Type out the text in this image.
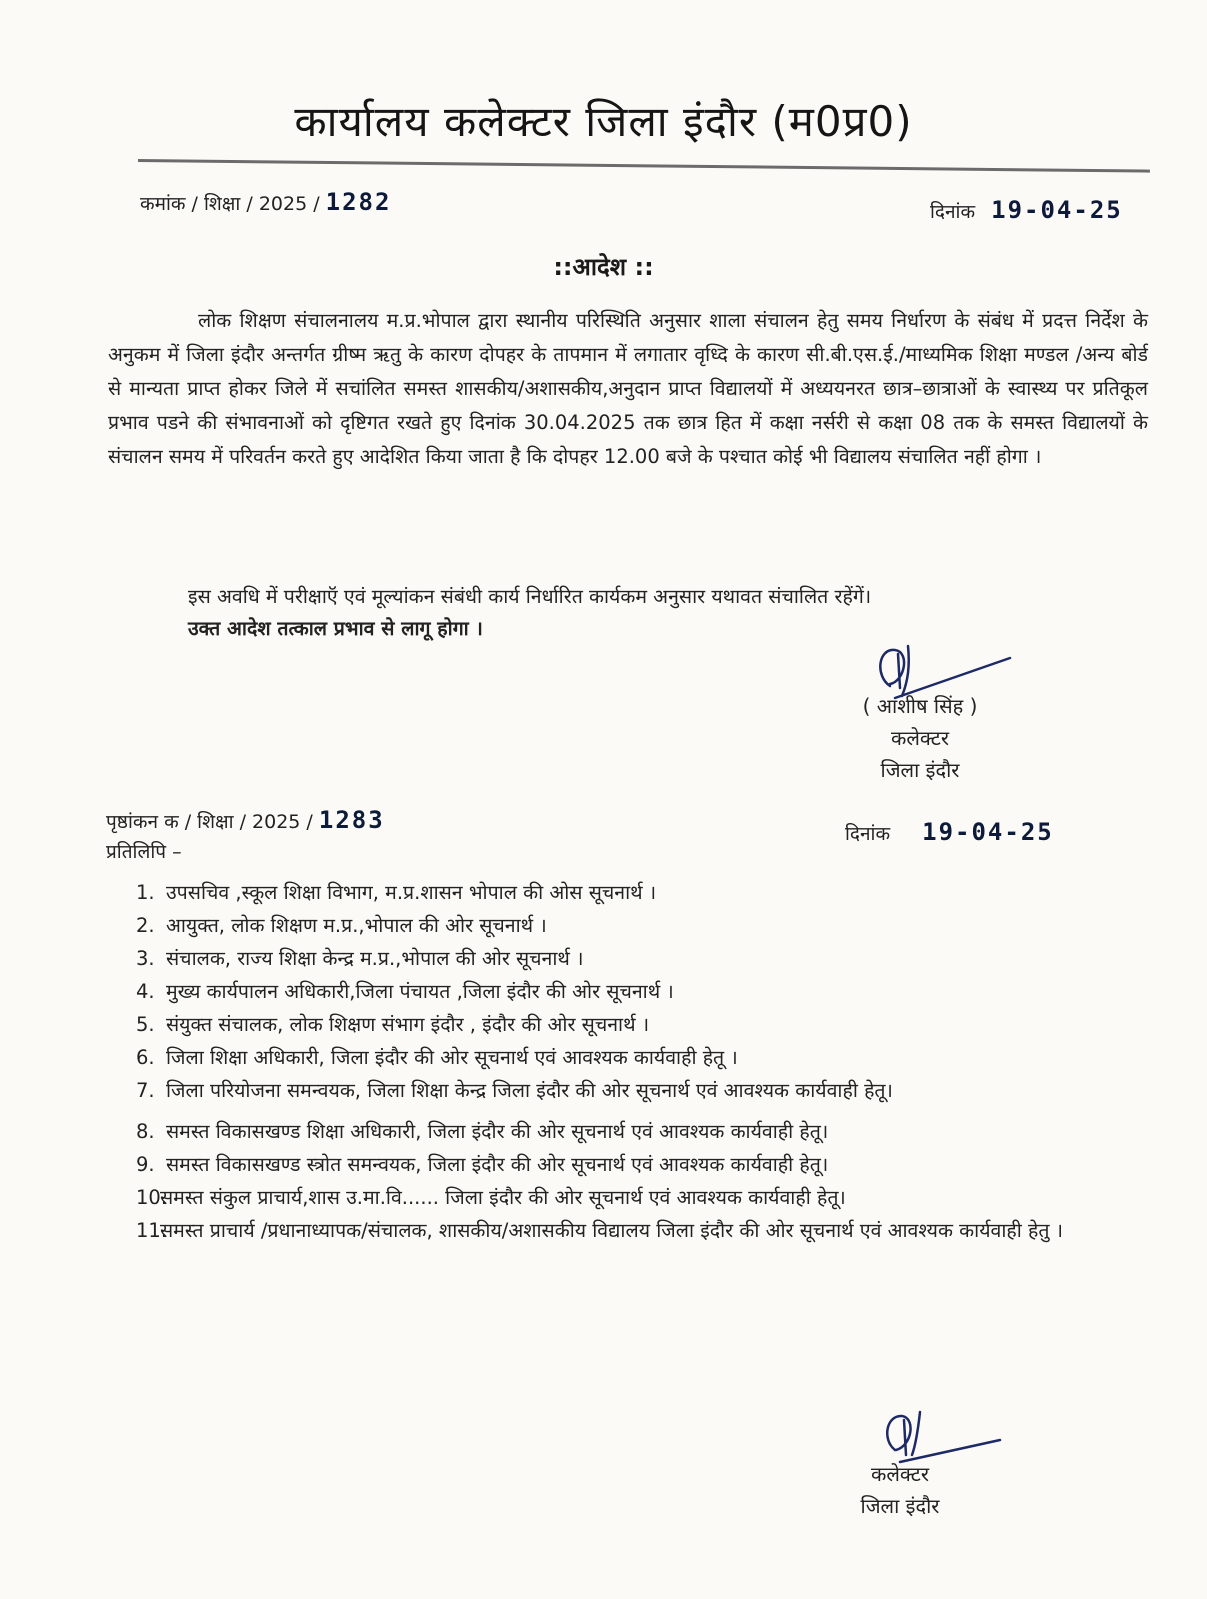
कार्यालय कलेक्टर जिला इंदौर (म0प्र0)
कमांक / शिक्षा / 2025 / 1282	दिनांक 19-04-25
::आदेश ::
लोक शिक्षण संचालनालय म.प्र.भोपाल द्वारा स्थानीय परिस्थिति अनुसार शाला संचालन हेतु समय निर्धारण के संबंध में प्रदत्त निर्देश के अनुकम में जिला इंदौर अन्तर्गत ग्रीष्म ऋतु के कारण दोपहर के तापमान में लगातार वृध्दि के कारण सी.बी.एस.ई./माध्यमिक शिक्षा मण्डल /अन्य बोर्ड से मान्यता प्राप्त होकर जिले में सचांलित समस्त शासकीय/अशासकीय,अनुदान प्राप्त विद्यालयों में अध्ययनरत छात्र–छात्राओं के स्वास्थ्य पर प्रतिकूल प्रभाव पडने की संभावनाओं को दृष्टिगत रखते हुए दिनांक 30.04.2025 तक छात्र हित में कक्षा नर्सरी से कक्षा 08 तक के समस्त विद्यालयों के संचालन समय में परिवर्तन करते हुए आदेशित किया जाता है कि दोपहर 12.00 बजे के पश्चात कोई भी विद्यालय संचालित नहीं होगा ।
इस अवधि में परीक्षाऍ एवं मूल्यांकन संबंधी कार्य निर्धारित कार्यकम अनुसार यथावत संचालित रहेंगें।
उक्त आदेश तत्काल प्रभाव से लागू होगा ।
( आशीष सिंह )
कलेक्टर
जिला इंदौर
पृष्ठांकन क / शिक्षा / 2025 / 1283
प्रतिलिपि –
दिनांक 19-04-25
1. उपसचिव ,स्कूल शिक्षा विभाग, म.प्र.शासन भोपाल की ओस सूचनार्थ ।
2. आयुक्त, लोक शिक्षण म.प्र.,भोपाल की ओर सूचनार्थ ।
3. संचालक, राज्य शिक्षा केन्द्र म.प्र.,भोपाल की ओर सूचनार्थ ।
4. मुख्य कार्यपालन अधिकारी,जिला पंचायत ,जिला इंदौर की ओर सूचनार्थ ।
5. संयुक्त संचालक, लोक शिक्षण संभाग इंदौर , इंदौर की ओर सूचनार्थ ।
6. जिला शिक्षा अधिकारी, जिला इंदौर की ओर सूचनार्थ एवं आवश्यक कार्यवाही हेतू ।
7. जिला परियोजना समन्वयक, जिला शिक्षा केन्द्र जिला इंदौर की ओर सूचनार्थ एवं आवश्यक कार्यवाही हेतू।
8. समस्त विकासखण्ड शिक्षा अधिकारी, जिला इंदौर की ओर सूचनार्थ एवं आवश्यक कार्यवाही हेतू।
9. समस्त विकासखण्ड स्त्रोत समन्वयक, जिला इंदौर की ओर सूचनार्थ एवं आवश्यक कार्यवाही हेतू।
10.
समस्त संकुल प्राचार्य,शास उ.मा.वि...... जिला इंदौर की ओर सूचनार्थ एवं आवश्यक कार्यवाही हेतू।
11.
समस्त प्राचार्य /प्रधानाध्यापक/संचालक, शासकीय/अशासकीय विद्यालय जिला इंदौर की ओर सूचनार्थ एवं आवश्यक कार्यवाही हेतु ।
कलेक्टर
जिला इंदौर
